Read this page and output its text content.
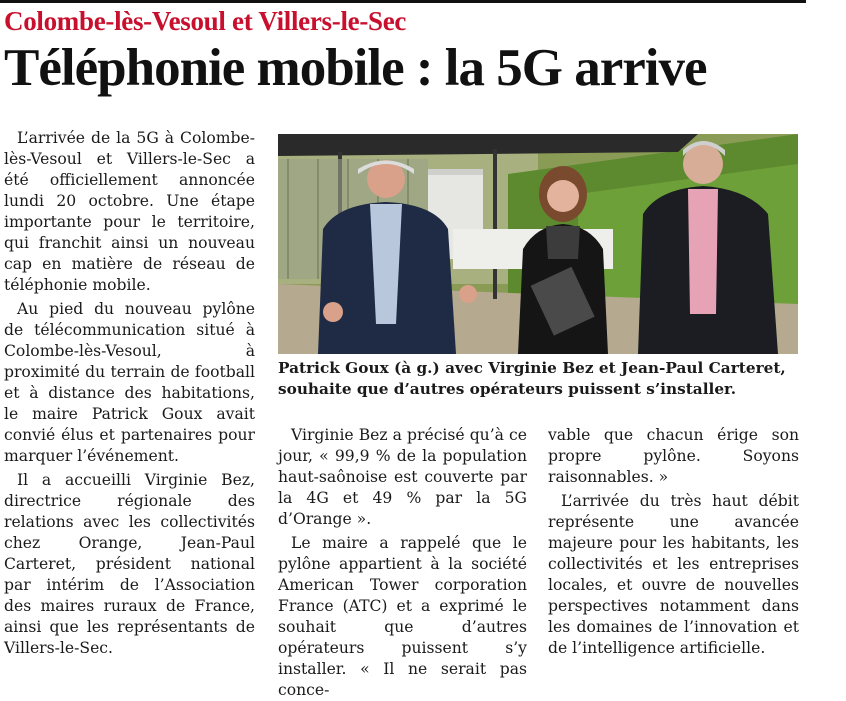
Colombe-lès-Vesoul et Villers-le-Sec
Téléphonie mobile : la 5G arrive

L’arrivée de la 5G à Colombe-lès-Vesoul et Villers-le-Sec a été officiellement annoncée lundi 20 octobre. Une étape importante pour le territoire, qui franchit ainsi un nouveau cap en matière de réseau de téléphonie mobile.

Au pied du nouveau pylône de télécommunication situé à Colombe-lès-Vesoul, à proximité du terrain de football et à distance des habitations, le maire Patrick Goux avait convié élus et partenaires pour marquer l’événement.

Il a accueilli Virginie Bez, directrice régionale des relations avec les collectivités chez Orange, Jean-Paul Carteret, président national par intérim de l’Association des maires ruraux de France, ainsi que les représentants de Villers-le-Sec.

Patrick Goux (à g.) avec Virginie Bez et Jean-Paul Carteret, souhaite que d’autres opérateurs puissent s’installer.

Virginie Bez a précisé qu’à ce jour, « 99,9 % de la population haut-saônoise est couverte par la 4G et 49 % par la 5G d’Orange ».

Le maire a rappelé que le pylône appartient à la société American Tower corporation France (ATC) et a exprimé le souhait que d’autres opérateurs puissent s’y installer. « Il ne serait pas conce-

vable que chacun érige son propre pylône. Soyons raisonnables. »

L’arrivée du très haut débit représente une avancée majeure pour les habitants, les collectivités et les entreprises locales, et ouvre de nouvelles perspectives notamment dans les domaines de l’innovation et de l’intelligence artificielle.
